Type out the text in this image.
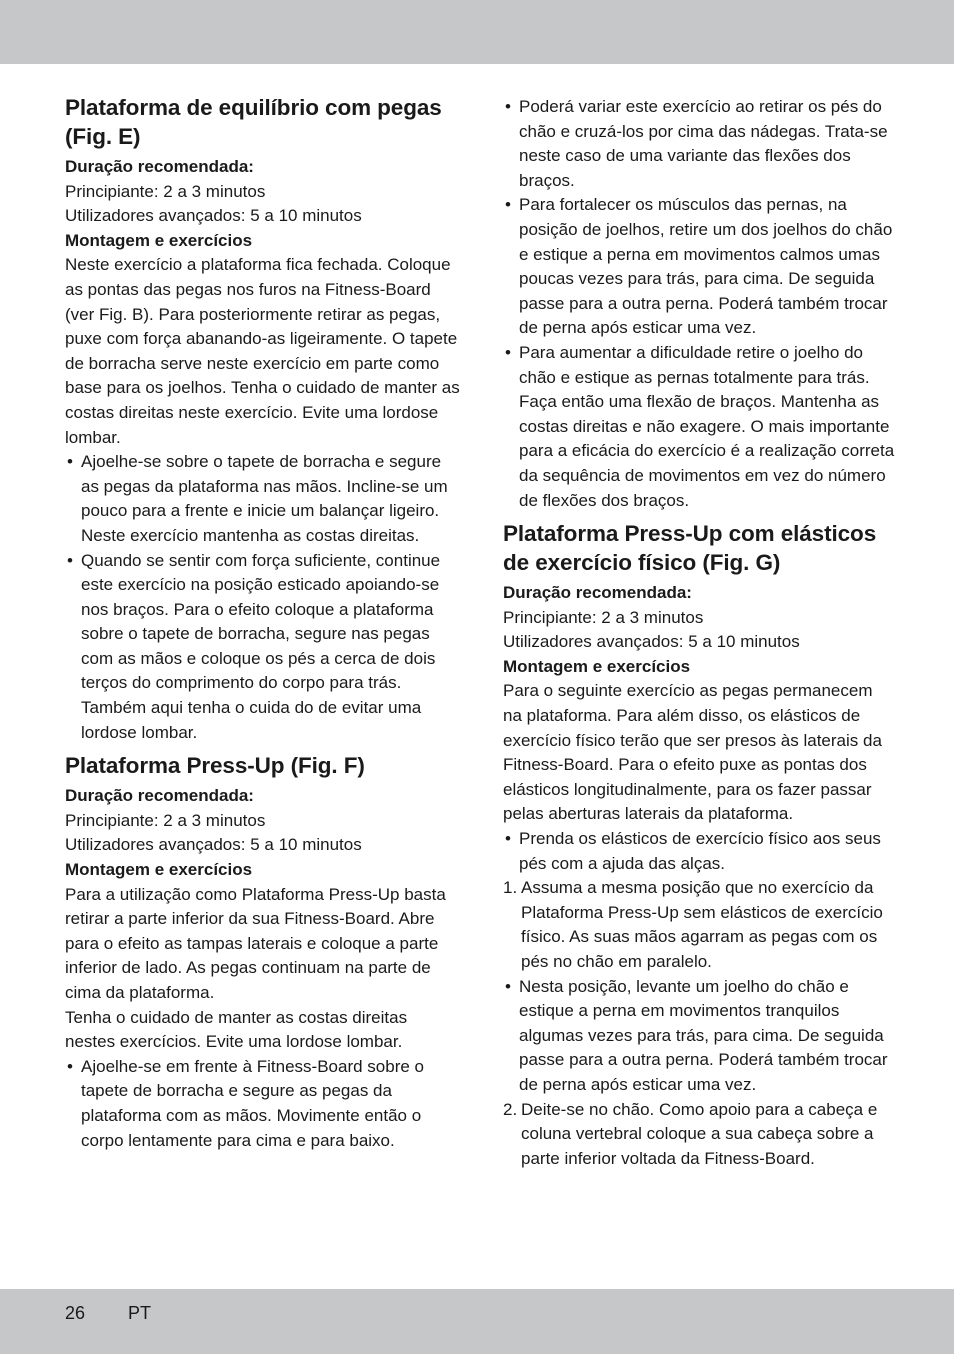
Plataforma de equilíbrio com pegas (Fig. E)
Duração recomendada:
Principiante: 2 a 3 minutos
Utilizadores avançados: 5 a 10 minutos
Montagem e exercícios

Neste exercício a plataforma fica fechada. Coloque as pontas das pegas nos furos na Fitness-Board (ver Fig. B). Para posteriormente retirar as pegas, puxe com força abanando-as ligeiramente. O tapete de borracha serve neste exercício em parte como base para os joelhos. Tenha o cuidado de manter as costas direitas neste exercício. Evite uma lordose lombar.

• Ajoelhe-se sobre o tapete de borracha e segure as pegas da plataforma nas mãos. Incline-se um pouco para a frente e inicie um balançar ligeiro. Neste exercício mantenha as costas direitas.
• Quando se sentir com força suficiente, continue este exercício na posição esticado apoiando-se nos braços. Para o efeito coloque a plataforma sobre o tapete de borracha, segure nas pegas com as mãos e coloque os pés a cerca de dois terços do comprimento do corpo para trás. Também aqui tenha o cuida do de evitar uma lordose lombar.
Plataforma Press-Up (Fig. F)
Duração recomendada:
Principiante: 2 a 3 minutos
Utilizadores avançados: 5 a 10 minutos
Montagem e exercícios

Para a utilização como Plataforma Press-Up basta retirar a parte inferior da sua Fitness-Board. Abre para o efeito as tampas laterais e coloque a parte inferior de lado. As pegas continuam na parte de cima da plataforma.

Tenha o cuidado de manter as costas direitas nestes exercícios. Evite uma lordose lombar.

• Ajoelhe-se em frente à Fitness-Board sobre o tapete de borracha e segure as pegas da plataforma com as mãos. Movimente então o corpo lentamente para cima e para baixo.
• Poderá variar este exercício ao retirar os pés do chão e cruzá-los por cima das nádegas. Trata-se neste caso de uma variante das flexões dos braços.
• Para fortalecer os músculos das pernas, na posição de joelhos, retire um dos joelhos do chão e estique a perna em movimentos calmos umas poucas vezes para trás, para cima. De seguida passe para a outra perna. Poderá também trocar de perna após esticar uma vez.
• Para aumentar a dificuldade retire o joelho do chão e estique as pernas totalmente para trás. Faça então uma flexão de braços. Mantenha as costas direitas e não exagere. O mais importante para a eficácia do exercício é a realização correta da sequência de movimentos em vez do número de flexões dos braços.
Plataforma Press-Up com elásticos de exercício físico (Fig. G)
Duração recomendada:
Principiante: 2 a 3 minutos
Utilizadores avançados: 5 a 10 minutos
Montagem e exercícios

Para o seguinte exercício as pegas permanecem na plataforma. Para além disso, os elásticos de exercício físico terão que ser presos às laterais da Fitness-Board. Para o efeito puxe as pontas dos elásticos longitudinalmente, para os fazer passar pelas aberturas laterais da plataforma.

• Prenda os elásticos de exercício físico aos seus pés com a ajuda das alças.
1. Assuma a mesma posição que no exercício da Plataforma Press-Up sem elásticos de exercício físico. As suas mãos agarram as pegas com os pés no chão em paralelo.
• Nesta posição, levante um joelho do chão e estique a perna em movimentos tranquilos algumas vezes para trás, para cima. De seguida passe para a outra perna. Poderá também trocar de perna após esticar uma vez.
2. Deite-se no chão. Como apoio para a cabeça e coluna vertebral coloque a sua cabeça sobre a parte inferior voltada da Fitness-Board.
26 PT
